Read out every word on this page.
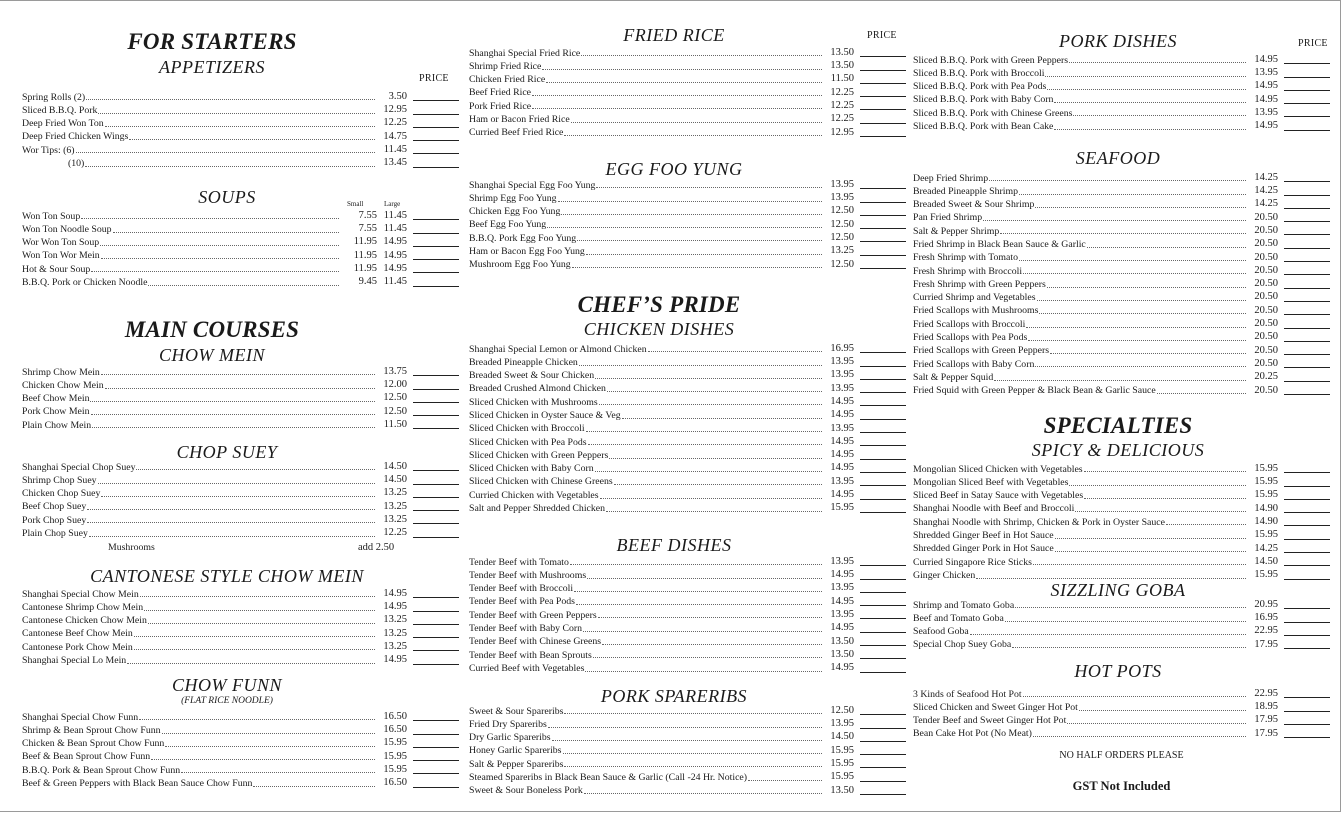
FOR STARTERS
APPETIZERS
PRICE
Spring Rolls (2)	3.50
Sliced B.B.Q. Pork	12.95
Deep Fried Won Ton	12.25
Deep Fried Chicken Wings	14.75
Wor Tips: (6)	11.45
(10)	13.45
SOUPS	Small	Large
Won Ton Soup	7.55 11.45
Won Ton Noodle Soup	7.55 11.45
Wor Won Ton Soup	11.95 14.95
Won Ton Wor Mein	11.95 14.95
Hot & Sour Soup	11.95 14.95
B.B.Q. Pork or Chicken Noodle	9.45 11.45
MAIN COURSES
CHOW MEIN
Shrimp Chow Mein	13.75
Chicken Chow Mein	12.00
Beef Chow Mein	12.50
Pork Chow Mein	12.50
Plain Chow Mein	11.50
CHOP SUEY
Shanghai Special Chop Suey	14.50
Shrimp Chop Suey	14.50
Chicken Chop Suey	13.25
Beef Chop Suey	13.25
Pork Chop Suey	13.25
Plain Chop Suey	12.25
Mushrooms	add 2.50
CANTONESE STYLE CHOW MEIN
Shanghai Special Chow Mein	14.95
Cantonese Shrimp Chow Mein	14.95
Cantonese Chicken Chow Mein	13.25
Cantonese Beef Chow Mein	13.25
Cantonese Pork Chow Mein	13.25
Shanghai Special Lo Mein	14.95
CHOW FUNN
(FLAT RICE NOODLE)
Shanghai Special Chow Funn	16.50
Shrimp & Bean Sprout Chow Funn	16.50
Chicken & Bean Sprout Chow Funn	15.95
Beef & Bean Sprout Chow Funn	15.95
B.B.Q. Pork & Bean Sprout Chow Funn	15.95
Beef & Green Peppers with Black Bean Sauce Chow Funn	16.50
FRIED RICE	PRICE
Shanghai Special Fried Rice	13.50
Shrimp Fried Rice	13.50
Chicken Fried Rice	11.50
Beef Fried Rice	12.25
Pork Fried Rice	12.25
Ham or Bacon Fried Rice	12.25
Curried Beef Fried Rice	12.95
EGG FOO YUNG
Shanghai Special Egg Foo Yung	13.95
Shrimp Egg Foo Yung	13.95
Chicken Egg Foo Yung	12.50
Beef Egg Foo Yung	12.50
B.B.Q. Pork Egg Foo Yung	12.50
Ham or Bacon Egg Foo Yung	13.25
Mushroom Egg Foo Yung	12.50
CHEF’S PRIDE
CHICKEN DISHES
Shanghai Special Lemon or Almond Chicken	16.95
Breaded Pineapple Chicken	13.95
Breaded Sweet & Sour Chicken	13.95
Breaded Crushed Almond Chicken	13.95
Sliced Chicken with Mushrooms	14.95
Sliced Chicken in Oyster Sauce & Veg	14.95
Sliced Chicken with Broccoli	13.95
Sliced Chicken with Pea Pods	14.95
Sliced Chicken with Green Peppers	14.95
Sliced Chicken with Baby Corn	14.95
Sliced Chicken with Chinese Greens	13.95
Curried Chicken with Vegetables	14.95
Salt and Pepper Shredded Chicken	15.95
BEEF DISHES
Tender Beef with Tomato	13.95
Tender Beef with Mushrooms	14.95
Tender Beef with Broccoli	13.95
Tender Beef with Pea Pods	14.95
Tender Beef with Green Peppers	13.95
Tender Beef with Baby Corn	14.95
Tender Beef with Chinese Greens	13.50
Tender Beef with Bean Sprouts	13.50
Curried Beef with Vegetables	14.95
PORK SPARERIBS
Sweet & Sour Spareribs	12.50
Fried Dry Spareribs	13.95
Dry Garlic Spareribs	14.50
Honey Garlic Spareribs	15.95
Salt & Pepper Spareribs	15.95
Steamed Spareribs in Black Bean Sauce & Garlic (Call -24 Hr. Notice)	15.95
Sweet & Sour Boneless Pork	13.50
PORK DISHES	PRICE
Sliced B.B.Q. Pork with Green Peppers	14.95
Sliced B.B.Q. Pork with Broccoli	13.95
Sliced B.B.Q. Pork with Pea Pods	14.95
Sliced B.B.Q. Pork with Baby Corn	14.95
Sliced B.B.Q. Pork with Chinese Greens	13.95
Sliced B.B.Q. Pork with Bean Cake	14.95
SEAFOOD
Deep Fried Shrimp	14.25
Breaded Pineapple Shrimp	14.25
Breaded Sweet & Sour Shrimp	14.25
Pan Fried Shrimp	20.50
Salt & Pepper Shrimp	20.50
Fried Shrimp in Black Bean Sauce & Garlic	20.50
Fresh Shrimp with Tomato	20.50
Fresh Shrimp with Broccoli	20.50
Fresh Shrimp with Green Peppers	20.50
Curried Shrimp and Vegetables	20.50
Fried Scallops with Mushrooms	20.50
Fried Scallops with Broccoli	20.50
Fried Scallops with Pea Pods	20.50
Fried Scallops with Green Peppers	20.50
Fried Scallops with Baby Corn	20.50
Salt & Pepper Squid	20.25
Fried Squid with Green Pepper & Black Bean & Garlic Sauce	20.50
SPECIALTIES
SPICY & DELICIOUS
Mongolian Sliced Chicken with Vegetables	15.95
Mongolian Sliced Beef with Vegetables	15.95
Sliced Beef in Satay Sauce with Vegetables	15.95
Shanghai Noodle with Beef and Broccoli	14.90
Shanghai Noodle with Shrimp, Chicken & Pork in Oyster Sauce	14.90
Shredded Ginger Beef in Hot Sauce	15.95
Shredded Ginger Pork in Hot Sauce	14.25
Curried Singapore Rice Sticks	14.50
Ginger Chicken	15.95
SIZZLING GOBA
Shrimp and Tomato Goba	20.95
Beef and Tomato Goba	16.95
Seafood Goba	22.95
Special Chop Suey Goba	17.95
HOT POTS
3 Kinds of Seafood Hot Pot	22.95
Sliced Chicken and Sweet Ginger Hot Pot	18.95
Tender Beef and Sweet Ginger Hot Pot	17.95
Bean Cake Hot Pot (No Meat)	17.95
NO HALF ORDERS PLEASE
GST Not Included
